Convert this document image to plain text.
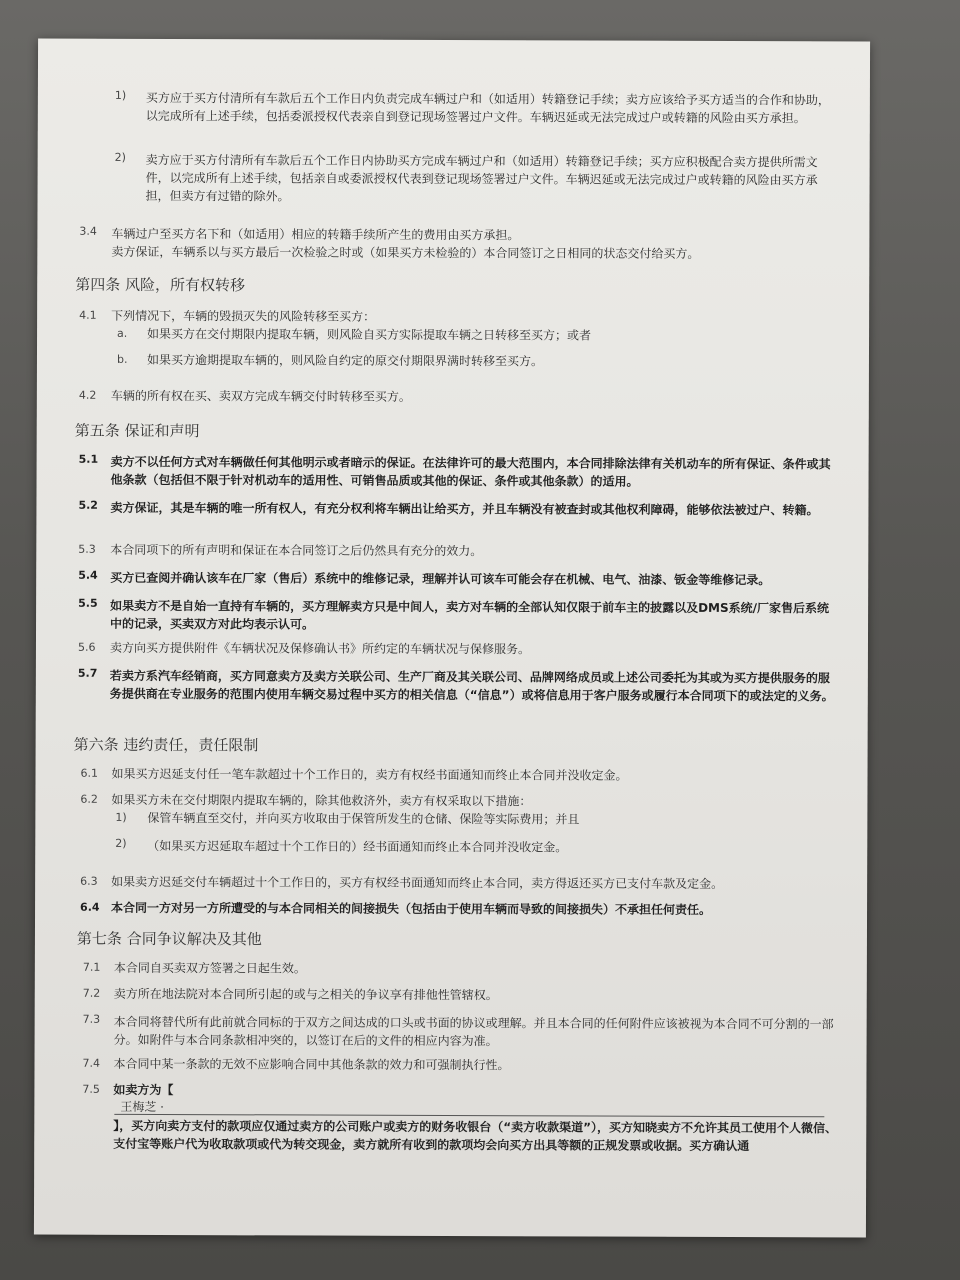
1) 买方应于买方付清所有车款后五个工作日内负责完成车辆过户和（如适用）转籍登记手续；卖方应该给予买方适当的合作和协助，以完成所有上述手续，包括委派授权代表亲自到登记现场签署过户文件。车辆迟延或无法完成过户或转籍的风险由买方承担。
2) 卖方应于买方付清所有车款后五个工作日内协助买方完成车辆过户和（如适用）转籍登记手续；买方应积极配合卖方提供所需文件，以完成所有上述手续，包括亲自或委派授权代表到登记现场签署过户文件。车辆迟延或无法完成过户或转籍的风险由买方承担，但卖方有过错的除外。
3.4 车辆过户至买方名下和（如适用）相应的转籍手续所产生的费用由买方承担。
卖方保证，车辆系以与买方最后一次检验之时或（如果买方未检验的）本合同签订之日相同的状态交付给买方。
第四条 风险，所有权转移
4.1 下列情况下，车辆的毁损灭失的风险转移至买方：
a. 如果买方在交付期限内提取车辆，则风险自买方实际提取车辆之日转移至买方；或者
b. 如果买方逾期提取车辆的，则风险自约定的原交付期限界满时转移至买方。
4.2 车辆的所有权在买、卖双方完成车辆交付时转移至买方。
第五条 保证和声明
5.1 卖方不以任何方式对车辆做任何其他明示或者暗示的保证。在法律许可的最大范围内，本合同排除法律有关机动车的所有保证、条件或其他条款（包括但不限于针对机动车的适用性、可销售品质或其他的保证、条件或其他条款）的适用。
5.2 卖方保证，其是车辆的唯一所有权人，有充分权利将车辆出让给买方，并且车辆没有被查封或其他权利障碍，能够依法被过户、转籍。
5.3 本合同项下的所有声明和保证在本合同签订之后仍然具有充分的效力。
5.4 买方已查阅并确认该车在厂家（售后）系统中的维修记录，理解并认可该车可能会存在机械、电气、油漆、钣金等维修记录。
5.5 如果卖方不是自始一直持有车辆的，买方理解卖方只是中间人，卖方对车辆的全部认知仅限于前车主的披露以及DMS系统/厂家售后系统中的记录，买卖双方对此均表示认可。
5.6 卖方向买方提供附件《车辆状况及保修确认书》所约定的车辆状况与保修服务。
5.7 若卖方系汽车经销商，买方同意卖方及卖方关联公司、生产厂商及其关联公司、品牌网络成员或上述公司委托为其或为买方提供服务的服务提供商在专业服务的范围内使用车辆交易过程中买方的相关信息（“信息”）或将信息用于客户服务或履行本合同项下的或法定的义务。
第六条 违约责任，责任限制
6.1 如果买方迟延支付任一笔车款超过十个工作日的，卖方有权经书面通知而终止本合同并没收定金。
6.2 如果买方未在交付期限内提取车辆的，除其他救济外，卖方有权采取以下措施：
1) 保管车辆直至交付，并向买方收取由于保管所发生的仓储、保险等实际费用；并且
2) （如果买方迟延取车超过十个工作日的）经书面通知而终止本合同并没收定金。
6.3 如果卖方迟延交付车辆超过十个工作日的，买方有权经书面通知而终止本合同，卖方得返还买方已支付车款及定金。
6.4 本合同一方对另一方所遭受的与本合同相关的间接损失（包括由于使用车辆而导致的间接损失）不承担任何责任。
第七条 合同争议解决及其他
7.1 本合同自买卖双方签署之日起生效。
7.2 卖方所在地法院对本合同所引起的或与之相关的争议享有排他性管辖权。
7.3 本合同将替代所有此前就合同标的于双方之间达成的口头或书面的协议或理解。并且本合同的任何附件应该被视为本合同不可分割的一部分。如附件与本合同条款相冲突的，以签订在后的文件的相应内容为准。
7.4 本合同中某一条款的无效不应影响合同中其他条款的效力和可强制执行性。
7.5 如卖方为【
王梅芝 ·
】，买方向卖方支付的款项应仅通过卖方的公司账户或卖方的财务收银台（“卖方收款渠道”），买方知晓卖方不允许其员工使用个人微信、支付宝等账户代为收取款项或代为转交现金，卖方就所有收到的款项均会向买方出具等额的正规发票或收据。买方确认通
